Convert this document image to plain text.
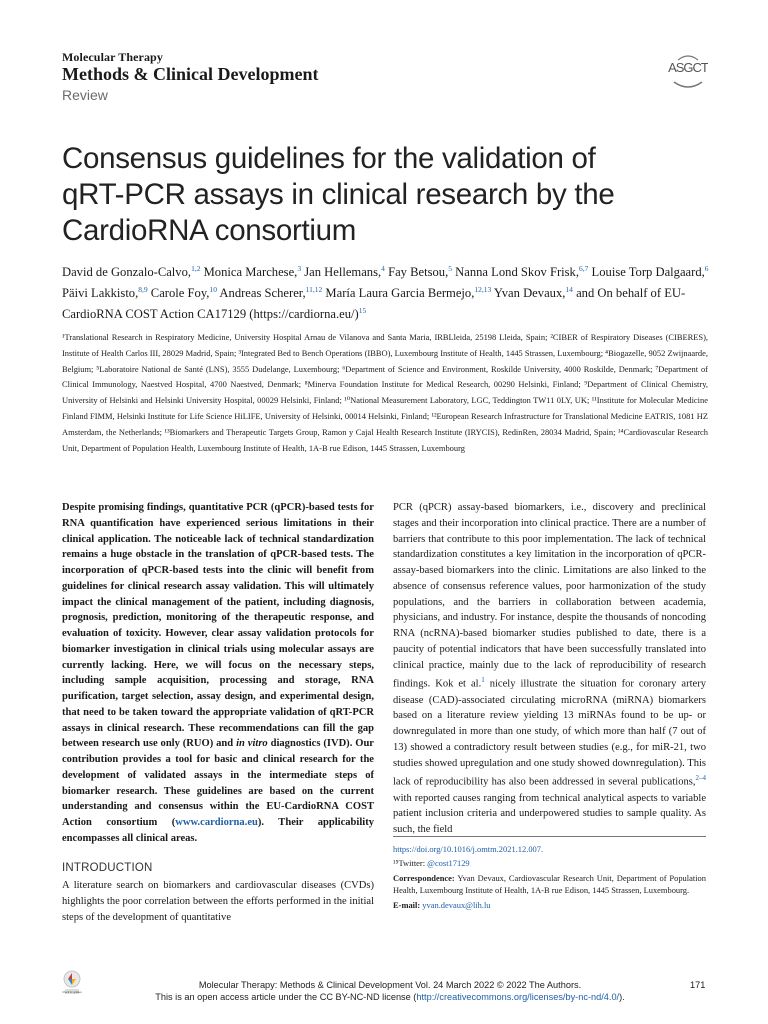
Molecular Therapy
Methods & Clinical Development
Review
ASGCT
Consensus guidelines for the validation of qRT-PCR assays in clinical research by the CardioRNA consortium
David de Gonzalo-Calvo,$^{1,2}$ Monica Marchese,$^3$ Jan Hellemans,$^4$ Fay Betsou,$^5$ Nanna Lond Skov Frisk,$^{6,7}$ Louise Torp Dalgaard,$^6$ Päivi Lakkisto,$^{8,9}$ Carole Foy,$^{10}$ Andreas Scherer,$^{11,12}$ María Laura Garcia Bermejo,$^{12,13}$ Yvan Devaux,$^{14}$ and On behalf of EU-CardioRNA COST Action CA17129 (https://cardiorna.eu/)$^{15}$
¹Translational Research in Respiratory Medicine, University Hospital Arnau de Vilanova and Santa Maria, IRBLleida, 25198 Lleida, Spain; ²CIBER of Respiratory Diseases (CIBERES), Institute of Health Carlos III, 28029 Madrid, Spain; ³Integrated Bed to Bench Operations (IBBO), Luxembourg Institute of Health, 1445 Strassen, Luxembourg; ⁴Biogazelle, 9052 Zwijnaarde, Belgium; ⁵Laboratoire National de Santé (LNS), 3555 Dudelange, Luxembourg; ⁶Department of Science and Environment, Roskilde University, 4000 Roskilde, Denmark; ⁷Department of Clinical Immunology, Naestved Hospital, 4700 Naestved, Denmark; ⁸Minerva Foundation Institute for Medical Research, 00290 Helsinki, Finland; ⁹Department of Clinical Chemistry, University of Helsinki and Helsinki University Hospital, 00029 Helsinki, Finland; ¹⁰National Measurement Laboratory, LGC, Teddington TW11 0LY, UK; ¹¹Institute for Molecular Medicine Finland FIMM, Helsinki Institute for Life Science HiLIFE, University of Helsinki, 00014 Helsinki, Finland; ¹²European Research Infrastructure for Translational Medicine EATRIS, 1081 HZ Amsterdam, the Netherlands; ¹³Biomarkers and Therapeutic Targets Group, Ramon y Cajal Health Research Institute (IRYCIS), RedinRen, 28034 Madrid, Spain; ¹⁴Cardiovascular Research Unit, Department of Population Health, Luxembourg Institute of Health, 1A-B rue Edison, 1445 Strassen, Luxembourg
Despite promising findings, quantitative PCR (qPCR)-based tests for RNA quantification have experienced serious limitations in their clinical application. The noticeable lack of technical standardization remains a huge obstacle in the translation of qPCR-based tests. The incorporation of qPCR-based tests into the clinic will benefit from guidelines for clinical research assay validation. This will ultimately impact the clinical management of the patient, including diagnosis, prognosis, prediction, monitoring of the therapeutic response, and evaluation of toxicity. However, clear assay validation protocols for biomarker investigation in clinical trials using molecular assays are currently lacking. Here, we will focus on the necessary steps, including sample acquisition, processing and storage, RNA purification, target selection, assay design, and experimental design, that need to be taken toward the appropriate validation of qRT-PCR assays in clinical research. These recommendations can fill the gap between research use only (RUO) and in vitro diagnostics (IVD). Our contribution provides a tool for basic and clinical research for the development of validated assays in the intermediate steps of biomarker research. These guidelines are based on the current understanding and consensus within the EU-CardioRNA COST Action consortium (www.cardiorna.eu). Their applicability encompasses all clinical areas.
INTRODUCTION
A literature search on biomarkers and cardiovascular diseases (CVDs) highlights the poor correlation between the efforts performed in the initial steps of the development of quantitative
PCR (qPCR) assay-based biomarkers, i.e., discovery and preclinical stages and their incorporation into clinical practice. There are a number of barriers that contribute to this poor implementation. The lack of technical standardization constitutes a key limitation in the incorporation of qPCR-assay-based biomarkers into the clinic. Limitations are also linked to the absence of consensus reference values, poor harmonization of the study populations, and the barriers in collaboration between academia, physicians, and industry. For instance, despite the thousands of noncoding RNA (ncRNA)-based biomarker studies published to date, there is a paucity of potential indicators that have been successfully translated into clinical practice, mainly due to the lack of reproducibility of research findings. Kok et al.$^1$ nicely illustrate the situation for coronary artery disease (CAD)-associated circulating microRNA (miRNA) biomarkers based on a literature review yielding 13 miRNAs found to be up- or downregulated in more than one study, of which more than half (7 out of 13) showed a contradictory result between studies (e.g., for miR-21, two studies showed upregulation and one study showed downregulation). This lack of reproducibility has also been addressed in several publications,$^{2-4}$ with reported causes ranging from technical analytical aspects to variable patient inclusion criteria and underpowered studies to sample quality. As such, the field
https://doi.org/10.1016/j.omtm.2021.12.007.
¹⁵Twitter: @cost17129
Correspondence: Yvan Devaux, Cardiovascular Research Unit, Department of Population Health, Luxembourg Institute of Health, 1A-B rue Edison, 1445 Strassen, Luxembourg.
E-mail: yvan.devaux@lih.lu
Check for updates
Molecular Therapy: Methods & Clinical Development Vol. 24 March 2022 © 2022 The Authors.
This is an open access article under the CC BY-NC-ND license (http://creativecommons.org/licenses/by-nc-nd/4.0/).
171
